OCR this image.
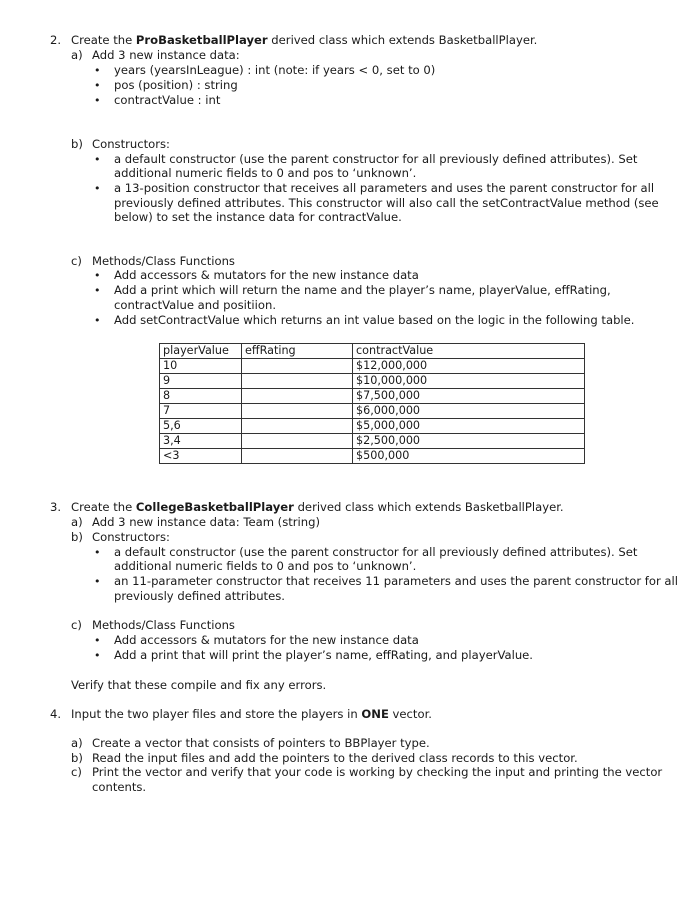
2. Create the ProBasketballPlayer derived class which extends BasketballPlayer.
a) Add 3 new instance data:
• years (yearsInLeague) : int (note: if years < 0, set to 0)
• pos (position) : string
• contractValue : int
b) Constructors:
• a default constructor (use the parent constructor for all previously defined attributes). Set
additional numeric fields to 0 and pos to ‘unknown’.
• a 13-position constructor that receives all parameters and uses the parent constructor for all
previously defined attributes. This constructor will also call the setContractValue method (see
below) to set the instance data for contractValue.
c) Methods/Class Functions
• Add accessors & mutators for the new instance data
• Add a print which will return the name and the player’s name, playerValue, effRating,
contractValue and positiion.
• Add setContractValue which returns an int value based on the logic in the following table.
playerValue	effRating	contractValue
10		$12,000,000
9		$10,000,000
8		$7,500,000
7		$6,000,000
5,6		$5,000,000
3,4		$2,500,000
<3		$500,000
3. Create the CollegeBasketballPlayer derived class which extends BasketballPlayer.
a) Add 3 new instance data: Team (string)
b) Constructors:
• a default constructor (use the parent constructor for all previously defined attributes). Set
additional numeric fields to 0 and pos to ‘unknown’.
• an 11-parameter constructor that receives 11 parameters and uses the parent constructor for all
previously defined attributes.
c) Methods/Class Functions
• Add accessors & mutators for the new instance data
• Add a print that will print the player’s name, effRating, and playerValue.
Verify that these compile and fix any errors.
4. Input the two player files and store the players in ONE vector.
a) Create a vector that consists of pointers to BBPlayer type.
b) Read the input files and add the pointers to the derived class records to this vector.
c) Print the vector and verify that your code is working by checking the input and printing the vector
contents.
